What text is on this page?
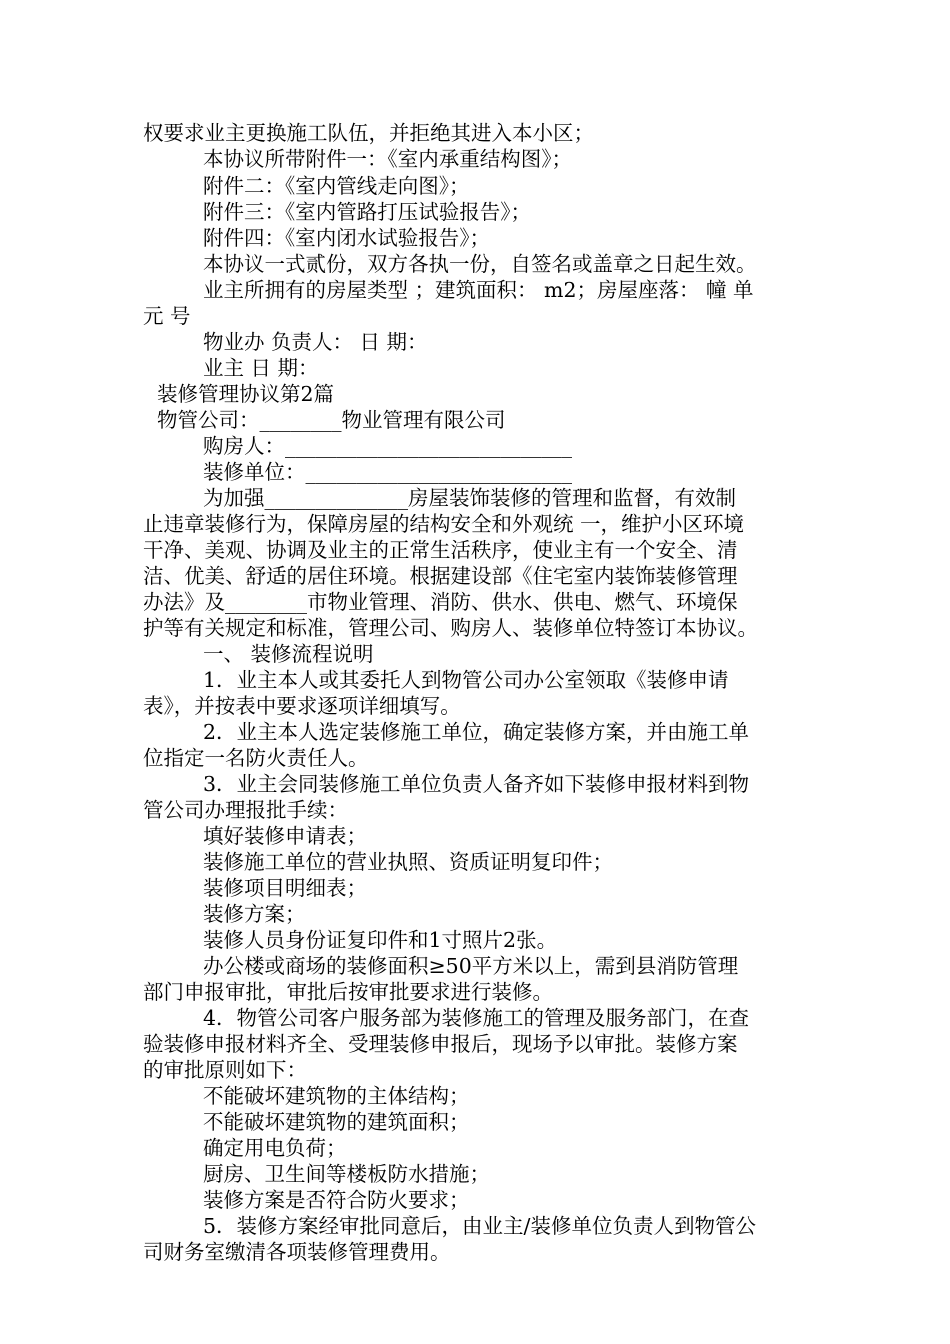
权要求业主更换施工队伍，并拒绝其进入本小区；
本协议所带附件一：《室内承重结构图》；
附件二：《室内管线走向图》；
附件三：《室内管路打压试验报告》；
附件四：《室内闭水试验报告》；
本协议一式贰份，双方各执一份，自签名或盖章之日起生效。
业主所拥有的房屋类型 ；建筑面积： m2；房屋座落： 幢 单
元 号
物业办 负责人： 日 期：
业主 日 期：
装修管理协议第2篇
物管公司：________物业管理有限公司
购房人：____________________________
装修单位：__________________________
为加强______________房屋装饰装修的管理和监督，有效制
止违章装修行为，保障房屋的结构安全和外观统 一，维护小区环境
干净、美观、协调及业主的正常生活秩序，使业主有一个安全、清
洁、优美、舒适的居住环境。根据建设部《住宅室内装饰装修管理
办法》及________市物业管理、消防、供水、供电、燃气、环境保
护等有关规定和标准，管理公司、购房人、装修单位特签订本协议。
一、 装修流程说明
1．业主本人或其委托人到物管公司办公室领取《装修申请
表》，并按表中要求逐项详细填写。
2．业主本人选定装修施工单位，确定装修方案，并由施工单
位指定一名防火责任人。
3．业主会同装修施工单位负责人备齐如下装修申报材料到物
管公司办理报批手续：
填好装修申请表；
装修施工单位的营业执照、资质证明复印件；
装修项目明细表；
装修方案；
装修人员身份证复印件和1寸照片2张。
办公楼或商场的装修面积≥50平方米以上，需到县消防管理
部门申报审批，审批后按审批要求进行装修。
4．物管公司客户服务部为装修施工的管理及服务部门，在查
验装修申报材料齐全、受理装修申报后，现场予以审批。装修方案
的审批原则如下：
不能破坏建筑物的主体结构；
不能破坏建筑物的建筑面积；
确定用电负荷；
厨房、卫生间等楼板防水措施；
装修方案是否符合防火要求；
5．装修方案经审批同意后，由业主/装修单位负责人到物管公
司财务室缴清各项装修管理费用。
